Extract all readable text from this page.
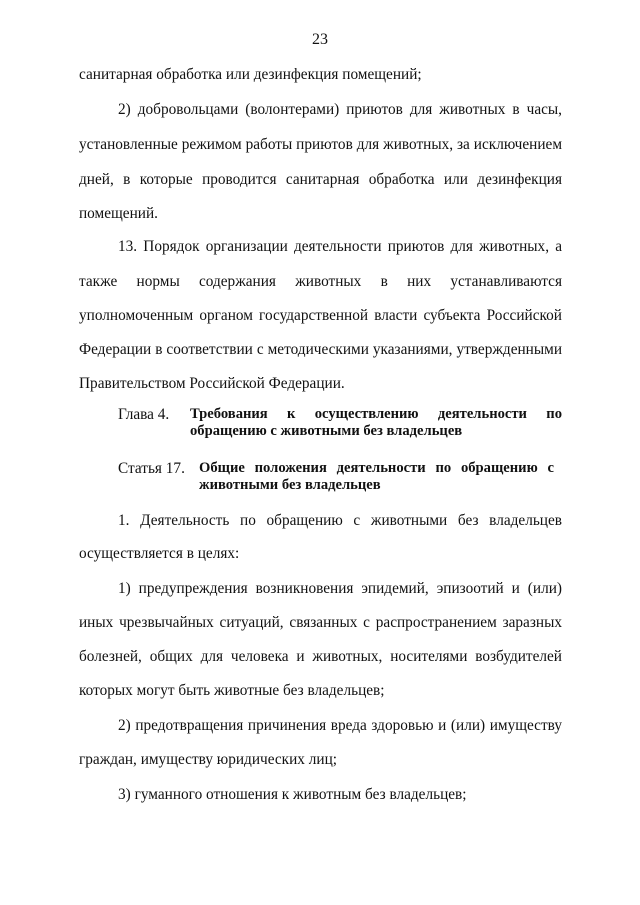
23
санитарная обработка или дезинфекция помещений;
2) добровольцами (волонтерами) приютов для животных в часы,
установленные режимом работы приютов для животных, за исключением
дней, в которые проводится санитарная обработка или дезинфекция
помещений.
13. Порядок организации деятельности приютов для животных, а
также нормы содержания животных в них устанавливаются
уполномоченным органом государственной власти субъекта Российской
Федерации в соответствии с методическими указаниями, утвержденными
Правительством Российской Федерации.
Глава 4. Требования к осуществлению деятельности по
обращению с животными без владельцев
Статья 17. Общие положения деятельности по обращению с
животными без владельцев
1. Деятельность по обращению с животными без владельцев
осуществляется в целях:
1) предупреждения возникновения эпидемий, эпизоотий и (или)
иных чрезвычайных ситуаций, связанных с распространением заразных
болезней, общих для человека и животных, носителями возбудителей
которых могут быть животные без владельцев;
2) предотвращения причинения вреда здоровью и (или) имуществу
граждан, имуществу юридических лиц;
3) гуманного отношения к животным без владельцев;
